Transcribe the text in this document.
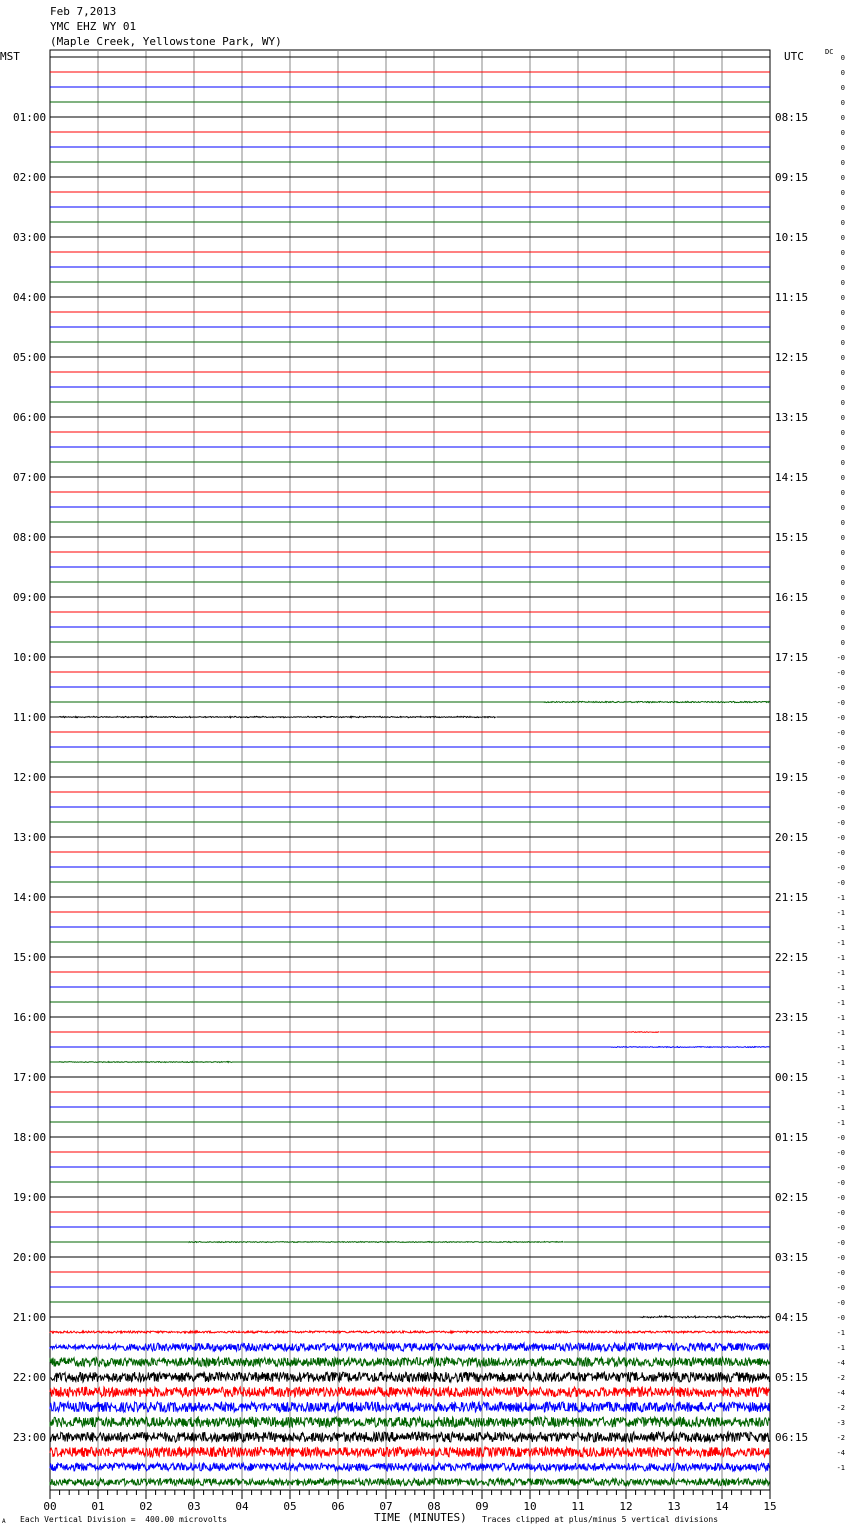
Feb 7,2013
YMC EHZ WY 01
(Maple Creek, Yellowstone Park, WY)
MST	UTC	DC
01:00
02:00
03:00
04:00
05:00
06:00
07:00
08:00
09:00
10:00
11:00
12:00
13:00
14:00
15:00
16:00
17:00
18:00
19:00
20:00
21:00
22:00
23:00
08:15
09:15
10:15
11:15
12:15
13:15
14:15
15:15
16:15
17:15
18:15
19:15
20:15
21:15
22:15
23:15
00:15
01:15
02:15
03:15
04:15
05:15
06:15
0
0
0
0
0
0
0
0
0
0
0
0
0
0
0
0
0
0
0
0
0
0
0
0
0
0
0
0
0
0
0
0
0
0
0
0
0
0
0
0
-0
-0
-0
-0
-0
-0
-0
-0
-0
-0
-0
-0
-0
-0
-0
-0
-1
-1
-1
-1
-1
-1
-1
-1
-1
-1
-1
-1
-1
-1
-1
-1
-0
-0
-0
-0
-0
-0
-0
-0
-0
-0
-0
-0
-0
-1
-1
-4
-2
-4
-2
-3
-2
-4
-1
00	01	02	03	04	05	06	07	08	09	10	11	12	13	14	15
A Each Vertical Division =  400.00 microvolts	TIME (MINUTES) Traces clipped at plus/minus 5 vertical divisions
